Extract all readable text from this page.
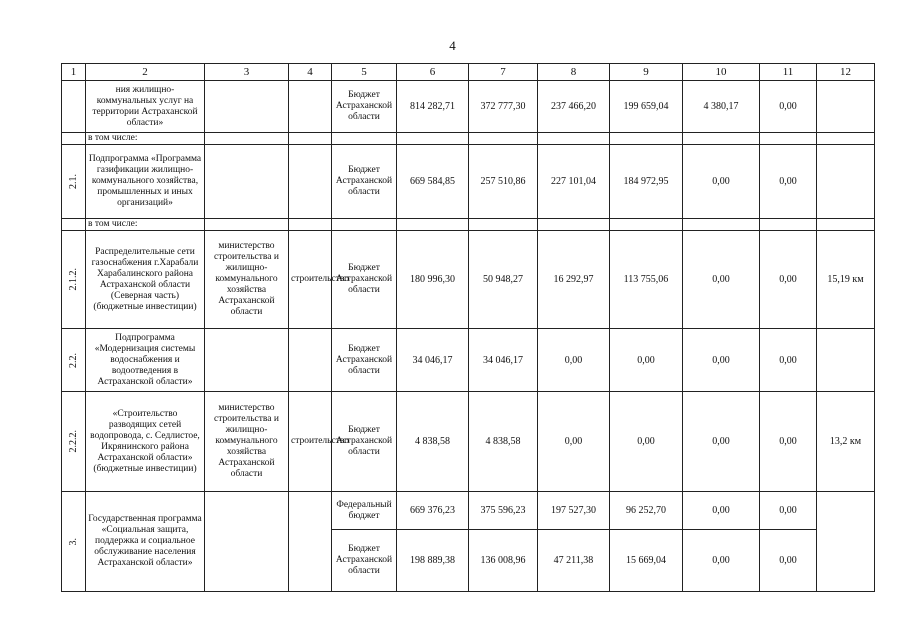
4
1	2	3	4	5	6	7	8	9	10	11	12
	ния жилищно-коммунальных услуг на территории Астраханской области»			Бюджет Астраханской области	814 282,71	372 777,30	237 466,20	199 659,04	4 380,17	0,00	
	в том числе:										

2.1.	Подпрограмма «Программа газификации жилищно-коммунального хозяйства, промышленных и иных организаций»			Бюджет Астраханской области	669 584,85	257 510,86	227 101,04	184 972,95	0,00	0,00	
	в том числе:										

2.1.2.	Распределительные сети газоснабжения г.Харабали Харабалинского района Астраханской области (Северная часть) (бюджетные инвестиции)	министерство строительства и жилищно-коммунального хозяйства Астраханской области	строительство	Бюджет Астраханской области	180 996,30	50 948,27	16 292,97	113 755,06	0,00	0,00	15,19 км

2.2.	Подпрограмма «Модернизация системы водоснабжения и водоотведения в Астраханской области»			Бюджет Астраханской области	34 046,17	34 046,17	0,00	0,00	0,00	0,00	

2.2.2.	«Строительство разводящих сетей водопровода, с. Седлистое, Икрянинского района Астраханской области» (бюджетные инвестиции)	министерство строительства и жилищно-коммунального хозяйства Астраханской области	строительство	Бюджет Астраханской области	4 838,58	4 838,58	0,00	0,00	0,00	0,00	13,2 км

3.	Государственная программа «Социальная защита, поддержка и социальное обслуживание населения Астраханской области»			Федеральный бюджет	669 376,23	375 596,23	197 527,30	96 252,70	0,00	0,00	
				Бюджет Астраханской области	198 889,38	136 008,96	47 211,38	15 669,04	0,00	0,00	
